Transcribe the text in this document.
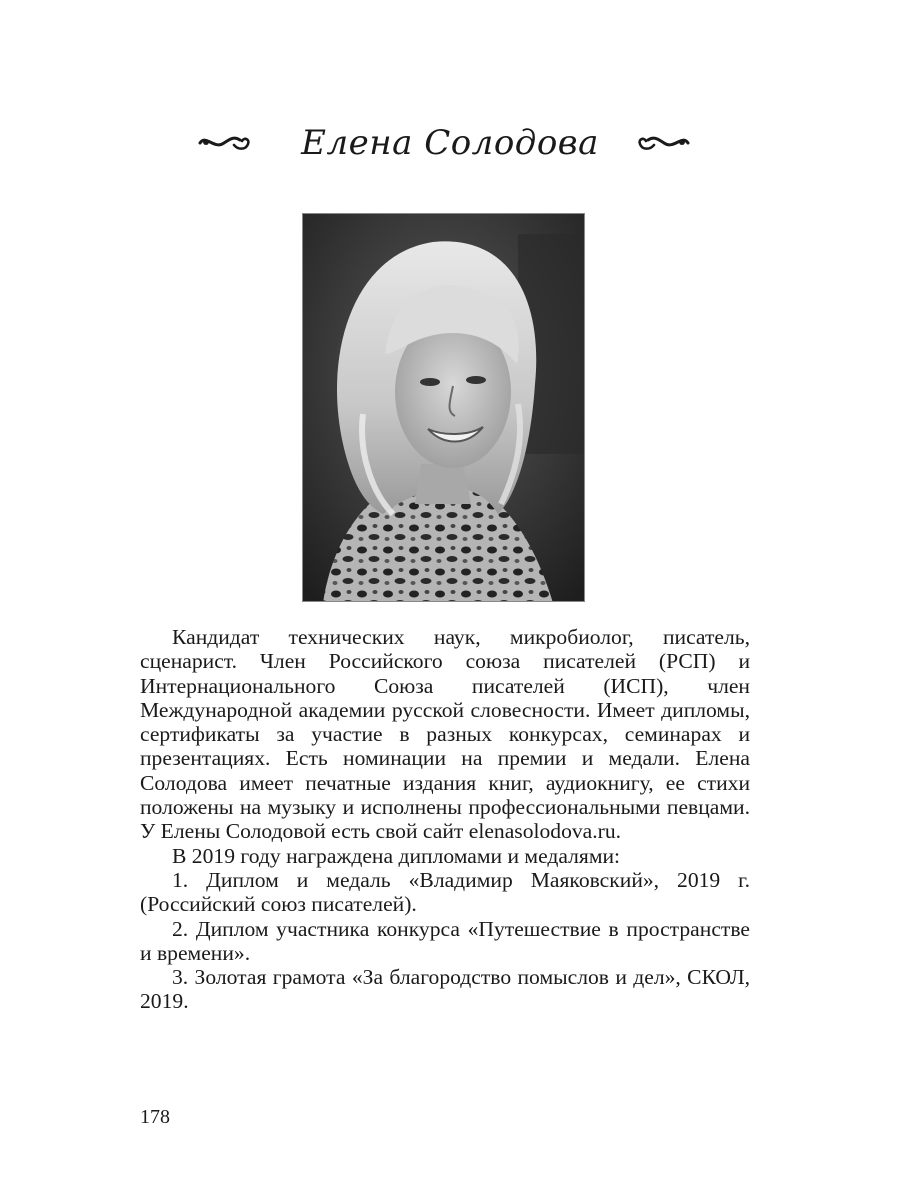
Елена Солодова

Кандидат технических наук, микробиолог, писатель, сценарист. Член Российского союза писателей (РСП) и Интернационального Союза писателей (ИСП), член Международной академии русской словесности. Имеет дипломы, сертификаты за участие в разных конкурсах, семинарах и презентациях. Есть номинации на премии и медали. Елена Солодова имеет печатные издания книг, аудиокнигу, ее стихи положены на музыку и исполнены профессиональными певцами. У Елены Солодовой есть свой сайт elenasolodova.ru.

В 2019 году награждена дипломами и медалями:

1. Диплом и медаль «Владимир Маяковский», 2019 г. (Российский союз писателей).

2. Диплом участника конкурса «Путешествие в пространстве и времени».

3. Золотая грамота «За благородство помыслов и дел», СКОЛ, 2019.

178
